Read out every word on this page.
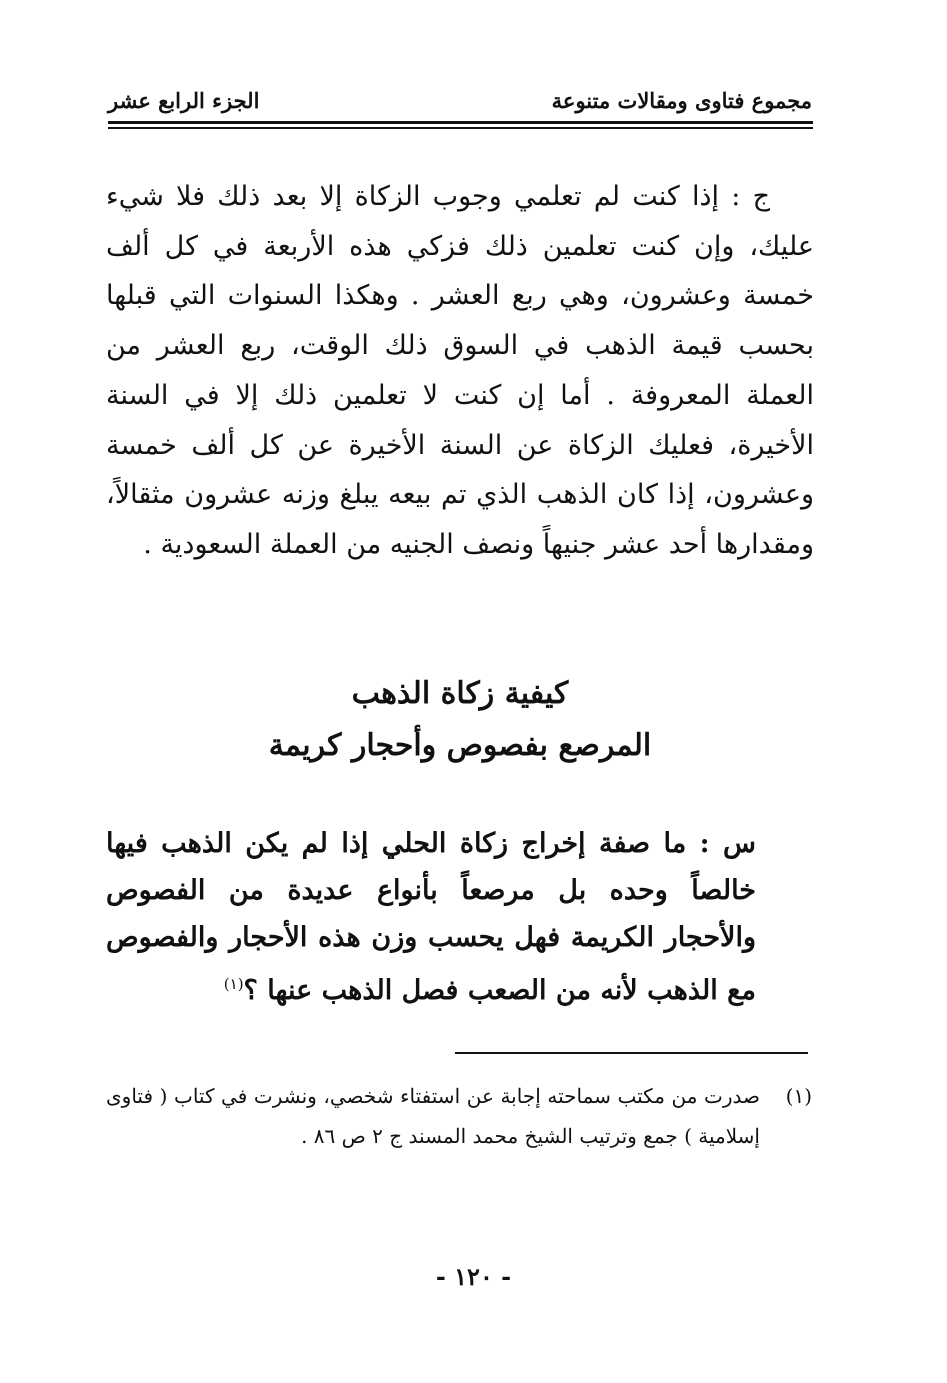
مجموع فتاوى ومقالات متنوعة
الجزء الرابع عشر

ج : إذا كنت لم تعلمي وجوب الزكاة إلا بعد ذلك فلا شيء عليك، وإن كنت تعلمين ذلك فزكي هذه الأربعة في كل ألف خمسة وعشرون، وهي ربع العشر . وهكذا السنوات التي قبلها بحسب قيمة الذهب في السوق ذلك الوقت، ربع العشر من العملة المعروفة . أما إن كنت لا تعلمين ذلك إلا في السنة الأخيرة، فعليك الزكاة عن السنة الأخيرة عن كل ألف خمسة وعشرون، إذا كان الذهب الذي تم بيعه يبلغ وزنه عشرون مثقالاً، ومقدارها أحد عشر جنيهاً ونصف الجنيه من العملة السعودية .

كيفية زكاة الذهب
المرصع بفصوص وأحجار كريمة
س : ما صفة إخراج زكاة الحلي إذا لم يكن الذهب فيها خالصاً وحده بل مرصعاً بأنواع عديدة من الفصوص والأحجار الكريمة فهل يحسب وزن هذه الأحجار والفصوص مع الذهب لأنه من الصعب فصل الذهب عنها ؟$^{(١)}$
(١)
صدرت من مكتب سماحته إجابة عن استفتاء شخصي، ونشرت في كتاب ( فتاوى إسلامية ) جمع وترتيب الشيخ محمد المسند ج ٢ ص ٨٦ .
- ١٢٠ -
